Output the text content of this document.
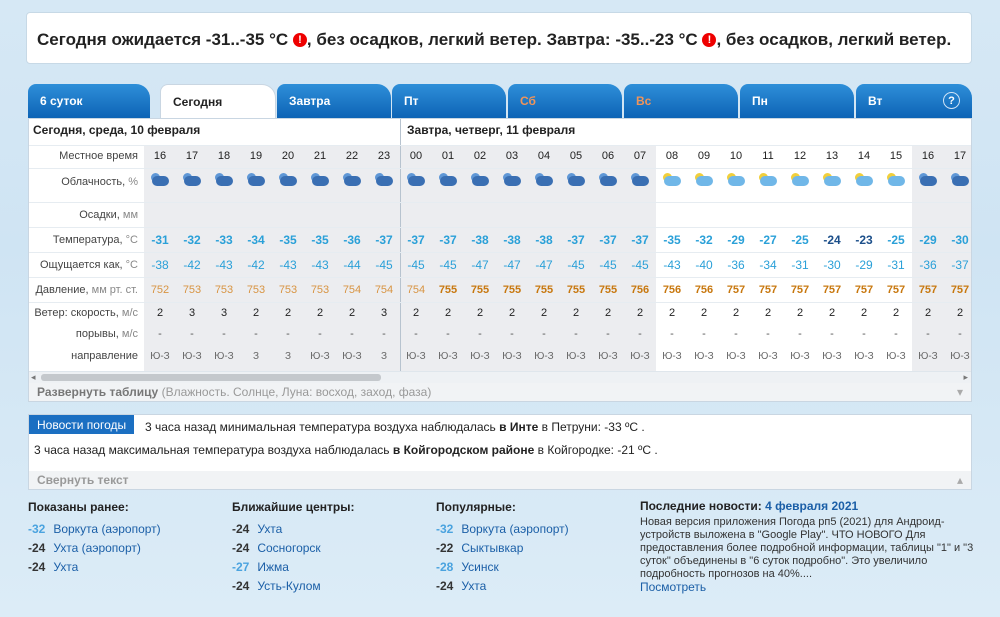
Сегодня ожидается -31..-35 °C ! , без осадков, легкий ветер. Завтра: -35..-23 °C ! , без осадков, легкий ветер.
6 суток	Сегодня	Завтра	Пт	Сб	Вс	Пн	Вт	?
Сегодня, среда, 10 февраля	Завтра, четверг, 11 февраля
Местное время	16	17	18	19	20	21	22	23	00	01	02	03	04	05	06	07	08	09	10	11	12	13	14	15	16	17
Облачность, %
Осадки, мм
Температура, °C	-31	-32	-33	-34	-35	-35	-36	-37	-37	-37	-38	-38	-38	-37	-37	-37	-35	-32	-29	-27	-25	-24	-23	-25	-29	-30
Ощущается как, °C	-38	-42	-43	-42	-43	-43	-44	-45	-45	-45	-47	-47	-47	-45	-45	-45	-43	-40	-36	-34	-31	-30	-29	-31	-36	-37
Давление, мм рт. ст.	752	753	753	753	753	753	754	754	754	755	755	755	755	755	755	756	756	756	757	757	757	757	757	757	757	757
Ветер: скорость, м/с	2	3	3	2	2	2	2	3	2	2	2	2	2	2	2	2	2	2	2	2	2	2	2	2	2	2
порывы, м/с	-	-	-	-	-	-	-	-	-	-	-	-	-	-	-	-	-	-	-	-	-	-	-	-	-	-
направление	Ю-З	Ю-З	Ю-З	З	З	Ю-З	Ю-З	З	Ю-З	Ю-З	Ю-З	Ю-З	Ю-З	Ю-З	Ю-З	Ю-З	Ю-З	Ю-З	Ю-З	Ю-З	Ю-З	Ю-З	Ю-З	Ю-З	Ю-З	Ю-З
◂	▸
Развернуть таблицу (Влажность. Солнце, Луна: восход, заход, фаза)	▾
Новости погоды	3 часа назад минимальная температура воздуха наблюдалась в Инте в Петруни: -33 ºC .
3 часа назад максимальная температура воздуха наблюдалась в Койгородском районе в Койгородке: -21 ºC .
Свернуть текст	▴
Показаны ранее:
-32 Воркута (аэропорт)
-24 Ухта (аэропорт)
-24 Ухта
Ближайшие центры:
-24 Ухта
-24 Сосногорск
-27 Ижма
-24 Усть-Кулом
Популярные:
-32 Воркута (аэропорт)
-22 Сыктывкар
-28 Усинск
-24 Ухта
Последние новости: 4 февраля 2021
Новая версия приложения Погода рп5 (2021) для Андроид-устройств выложена в "Google Play". ЧТО НОВОГО Для предоставления более подробной информации, таблицы "1" и "3 суток" объединены в "6 суток подробно". Это увеличило подробность прогнозов на 40%....
Посмотреть
